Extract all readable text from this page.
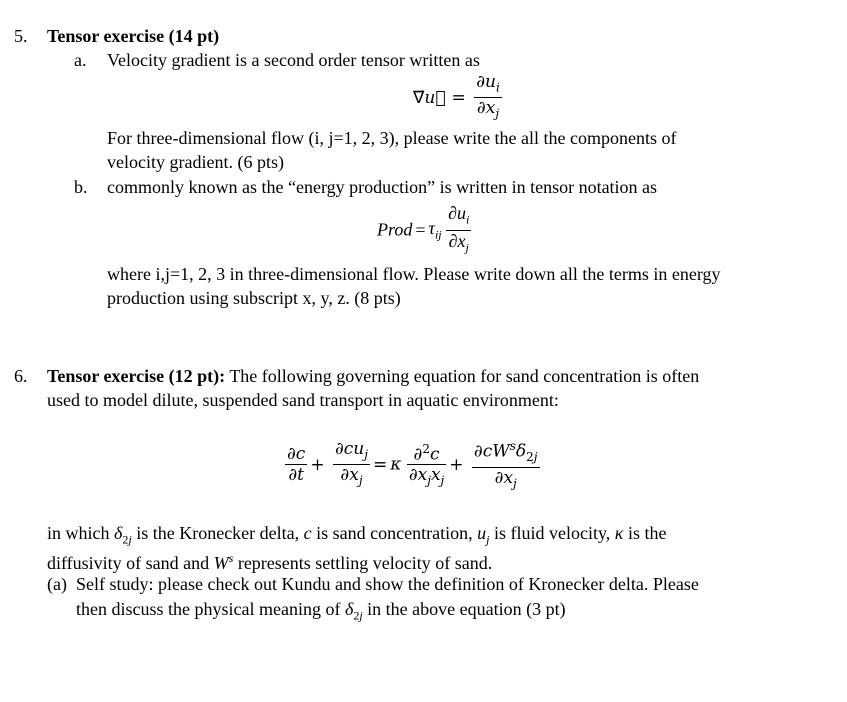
5. Tensor exercise (14 pt)
a. Velocity gradient is a second order tensor written as
∇⃗u⃗ = $\frac{\partial u_i}{\partial x_j}$
For three-dimensional flow (i, j=1, 2, 3), please write the all the components of
velocity gradient. (6 pts)
b. commonly known as the “energy production” is written in tensor notation as
Prod = $\tau_{ij} \frac{\partial u_i}{\partial x_j}$
where i,j=1, 2, 3 in three-dimensional flow. Please write down all the terms in energy
production using subscript x, y, z. (8 pts)
6. Tensor exercise (12 pt): The following governing equation for sand concentration is often
used to model dilute, suspended sand transport in aquatic environment:
$\frac{\partial c}{\partial t} + \frac{\partial cu_j}{\partial x_j} = \kappa \frac{\partial^2c}{\partial x_jx_j} + \frac{\partial cW^s\delta_{2j}}{\partial x_j}$
in which $\delta_{2j}$ is the Kronecker delta, c is sand concentration, $u_j$ is fluid velocity, κ is the
diffusivity of sand and $W^s$ represents settling velocity of sand.
(a) Self study: please check out Kundu and show the definition of Kronecker delta. Please
then discuss the physical meaning of $\delta_{2j}$ in the above equation (3 pt)
